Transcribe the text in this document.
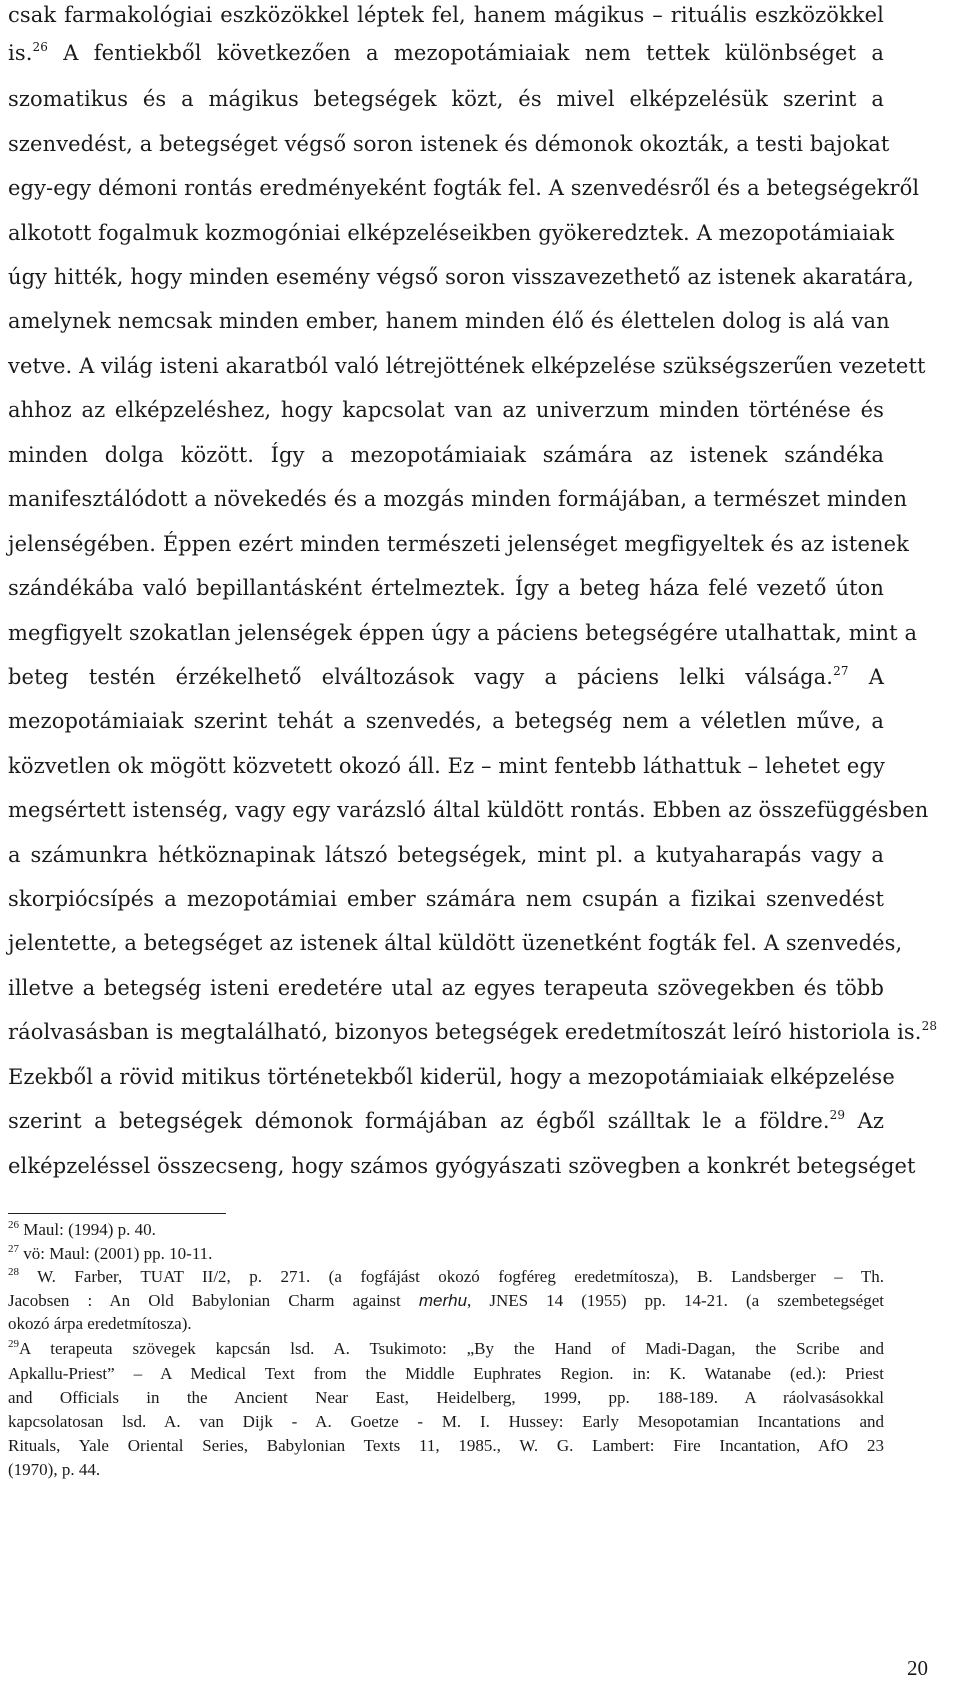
csak farmakológiai eszközökkel léptek fel, hanem mágikus – rituális eszközökkel
is.$^{26}$ A fentiekből következően a mezopotámiaiak nem tettek különbséget a
szomatikus és a mágikus betegségek közt, és mivel elképzelésük szerint a
szenvedést, a betegséget végső soron istenek és démonok okozták, a testi bajokat
egy-egy démoni rontás eredményeként fogták fel. A szenvedésről és a betegségekről
alkotott fogalmuk kozmogóniai elképzeléseikben gyökeredztek. A mezopotámiaiak
úgy hitték, hogy minden esemény végső soron visszavezethető az istenek akaratára,
amelynek nemcsak minden ember, hanem minden élő és élettelen dolog is alá van
vetve. A világ isteni akaratból való létrejöttének elképzelése szükségszerűen vezetett
ahhoz az elképzeléshez, hogy kapcsolat van az univerzum minden történése és
minden dolga között. Így a mezopotámiaiak számára az istenek szándéka
manifesztálódott a növekedés és a mozgás minden formájában, a természet minden
jelenségében. Éppen ezért minden természeti jelenséget megfigyeltek és az istenek
szándékába való bepillantásként értelmeztek. Így a beteg háza felé vezető úton
megfigyelt szokatlan jelenségek éppen úgy a páciens betegségére utalhattak, mint a
beteg testén érzékelhető elváltozások vagy a páciens lelki válsága.$^{27}$ A
mezopotámiaiak szerint tehát a szenvedés, a betegség nem a véletlen műve, a
közvetlen ok mögött közvetett okozó áll. Ez – mint fentebb láthattuk – lehetet egy
megsértett istenség, vagy egy varázsló által küldött rontás. Ebben az összefüggésben
a számunkra hétköznapinak látszó betegségek, mint pl. a kutyaharapás vagy a
skorpiócsípés a mezopotámiai ember számára nem csupán a fizikai szenvedést
jelentette, a betegséget az istenek által küldött üzenetként fogták fel. A szenvedés,
illetve a betegség isteni eredetére utal az egyes terapeuta szövegekben és több
ráolvasásban is megtalálható, bizonyos betegségek eredetmítoszát leíró historiola is.$^{28}$
Ezekből a rövid mitikus történetekből kiderül, hogy a mezopotámiaiak elképzelése
szerint a betegségek démonok formájában az égből szálltak le a földre.$^{29}$ Az
elképzeléssel összecseng, hogy számos gyógyászati szövegben a konkrét betegséget
$^{26}$ Maul: (1994) p. 40.
$^{27}$ vö: Maul: (2001) pp. 10-11.
$^{28}$ W. Farber, TUAT II/2, p. 271. (a fogfájást okozó fogféreg eredetmítosza), B. Landsberger – Th.
Jacobsen : An Old Babylonian Charm against merhu, JNES 14 (1955) pp. 14-21. (a szembetegséget
okozó árpa eredetmítosza).
$^{29}$A terapeuta szövegek kapcsán lsd. A. Tsukimoto: „By the Hand of Madi-Dagan, the Scribe and
Apkallu-Priest” – A Medical Text from the Middle Euphrates Region. in: K. Watanabe (ed.): Priest
and Officials in the Ancient Near East, Heidelberg, 1999, pp. 188-189. A ráolvasásokkal
kapcsolatosan lsd. A. van Dijk - A. Goetze - M. I. Hussey: Early Mesopotamian Incantations and
Rituals, Yale Oriental Series, Babylonian Texts 11, 1985., W. G. Lambert: Fire Incantation, AfO 23
(1970), p. 44.
20
